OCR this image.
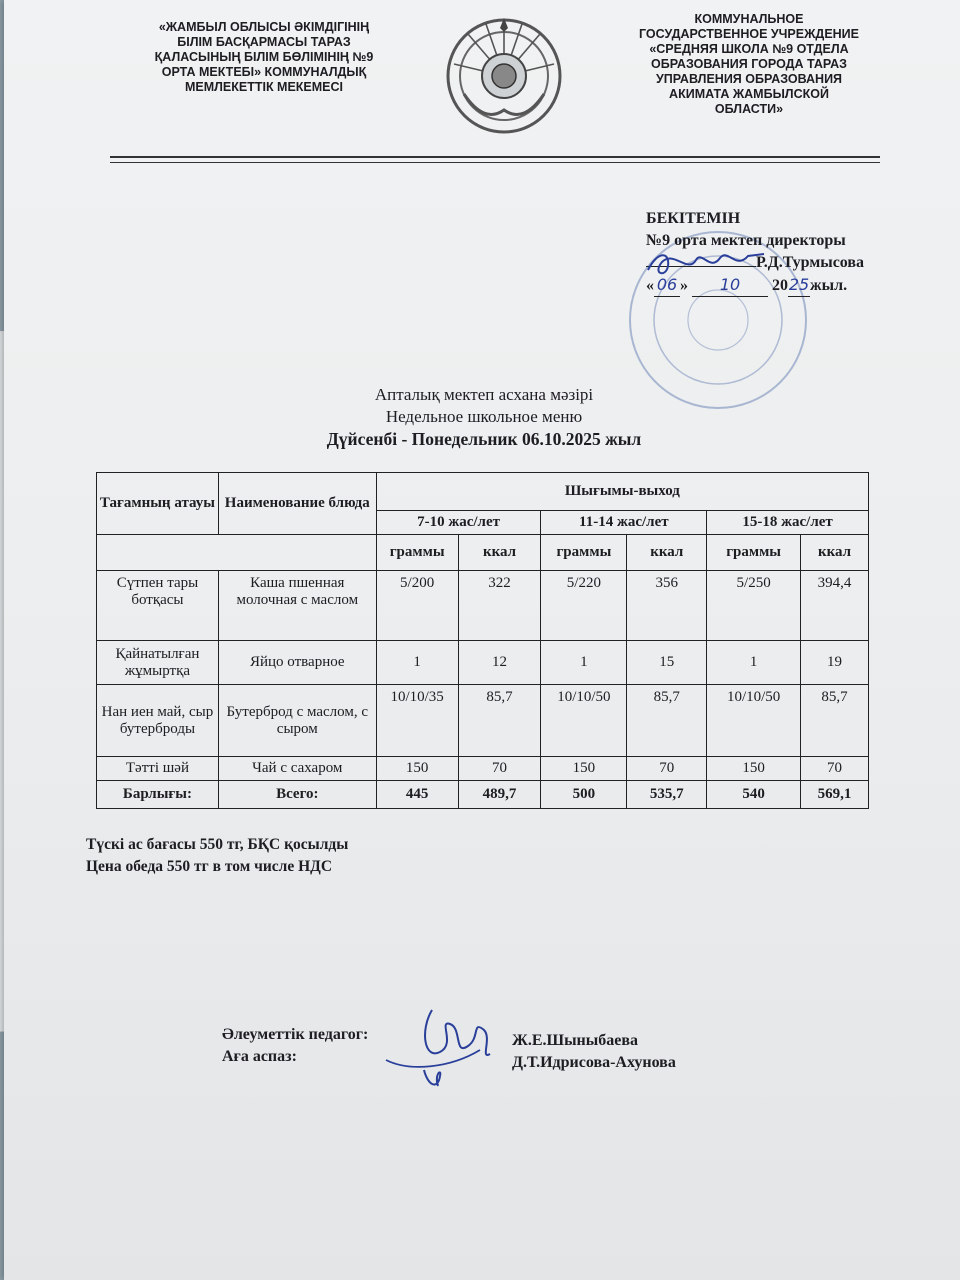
«ЖАМБЫЛ ОБЛЫСЫ ӘКІМДІГІНІҢ
БІЛІМ БАСҚАРМАСЫ ТАРАЗ
ҚАЛАСЫНЫҢ БІЛІМ БӨЛІМІНІҢ №9
ОРТА МЕКТЕБІ» КОММУНАЛДЫҚ
МЕМЛЕКЕТТІК МЕКЕМЕСІ
КОММУНАЛЬНОЕ
ГОСУДАРСТВЕННОЕ УЧРЕЖДЕНИЕ
«СРЕДНЯЯ ШКОЛА №9 ОТДЕЛА
ОБРАЗОВАНИЯ ГОРОДА ТАРАЗ
УПРАВЛЕНИЯ ОБРАЗОВАНИЯ
АКИМАТА ЖАМБЫЛСКОЙ
ОБЛАСТИ»
БЕКІТЕМІН
№9 орта мектеп директоры
Р.Д.Турмысова
« 06 » 10 2025жыл.
Апталық мектеп асхана мәзірі
Недельное школьное меню
Дүйсенбі - Понедельник 06.10.2025 жыл
Тағамның атауы	Наименование блюда	Шығымы-выход					
		7-10 жас/лет		11-14 жас/лет		15-18 жас/лет	
		граммы	ккал	граммы	ккал	граммы	ккал
Сүтпен тары ботқасы	Каша пшенная молочная с маслом	5/200	322	5/220	356	5/250	394,4
Қайнатылған жұмыртқа	Яйцо отварное	1	12	1	15	1	19
Нан иен май, сыр бутерброды	Бутерброд с маслом, с сыром	10/10/35	85,7	10/10/50	85,7	10/10/50	85,7
Тәтті шәй	Чай с сахаром	150	70	150	70	150	70
Барлығы:	Всего:	445	489,7	500	535,7	540	569,1
Түскі ас бағасы 550 тг, БҚС қосылды
Цена обеда 550 тг в том числе НДС
Әлеуметтік педагог:
Аға аспаз:
Ж.Е.Шыныбаева
Д.Т.Идрисова-Ахунова
